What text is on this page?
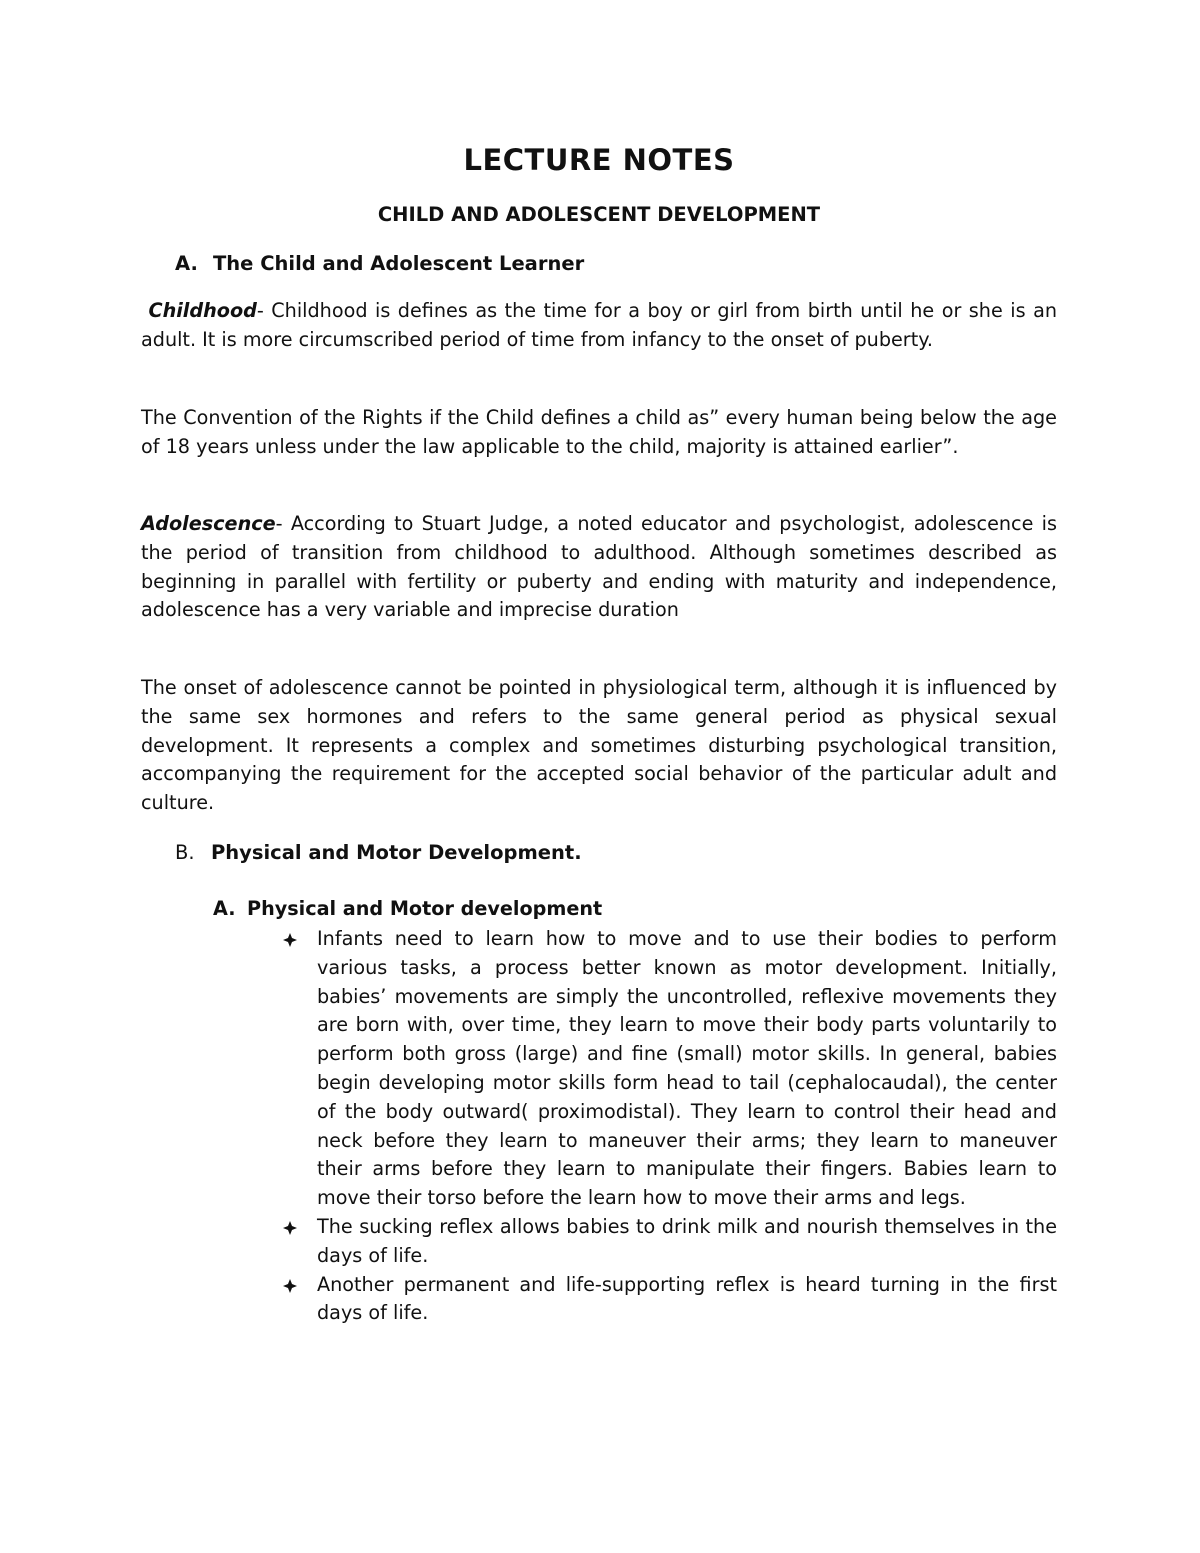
LECTURE NOTES
CHILD AND ADOLESCENT DEVELOPMENT
A. The Child and Adolescent Learner

Childhood- Childhood is defines as the time for a boy or girl from birth until he or she is an adult. It is more circumscribed period of time from infancy to the onset of puberty.

The Convention of the Rights if the Child defines a child as” every human being below the age of 18 years unless under the law applicable to the child, majority is attained earlier”.

Adolescence- According to Stuart Judge, a noted educator and psychologist, adolescence is the period of transition from childhood to adulthood. Although sometimes described as beginning in parallel with fertility or puberty and ending with maturity and independence, adolescence has a very variable and imprecise duration

The onset of adolescence cannot be pointed in physiological term, although it is influenced by the same sex hormones and refers to the same general period as physical sexual development. It represents a complex and sometimes disturbing psychological transition, accompanying the requirement for the accepted social behavior of the particular adult and culture.

B. Physical and Motor Development.
A. Physical and Motor development
Infants need to learn how to move and to use their bodies to perform various tasks, a process better known as motor development. Initially, babies’ movements are simply the uncontrolled, reflexive movements they are born with, over time, they learn to move their body parts voluntarily to perform both gross (large) and fine (small) motor skills. In general, babies begin developing motor skills form head to tail (cephalocaudal), the center of the body outward( proximodistal). They learn to control their head and neck before they learn to maneuver their arms; they learn to maneuver their arms before they learn to manipulate their fingers. Babies learn to move their torso before the learn how to move their arms and legs.
The sucking reflex allows babies to drink milk and nourish themselves in the days of life.
Another permanent and life-supporting reflex is heard turning in the first days of life.
